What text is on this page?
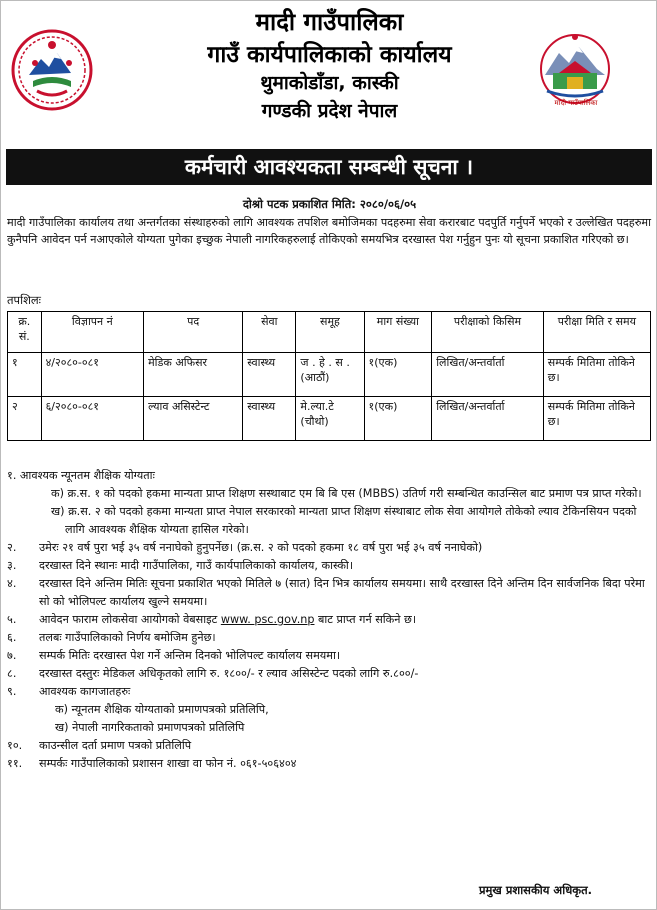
मादी गाउँपालिका
गाउँ कार्यपालिकाको कार्यालय
थुमाकोडाँडा, कास्की
गण्डकी प्रदेश नेपाल	मादी गाउँपालिका
कर्मचारी आवश्यकता सम्बन्धी सूचना ।
दोश्रो पटक प्रकाशित मिति: २०८०/०६/०५
मादी गाउँपालिका कार्यालय तथा अन्तर्गतका संस्थाहरुको लागि आवश्यक तपशिल बमोजिमका पदहरुमा सेवा करारबाट पदपुर्ति गर्नुपर्ने भएको र उल्लेखित पदहरुमा कुनैपनि आवेदन पर्न नआएकोले योग्यता पुगेका इच्छुक नेपाली नागरिकहरुलाई तोकिएको समयभित्र दरखास्त पेश गर्नुहुन पुनः यो सूचना प्रकाशित गरिएको छ।
तपशिलः
क्र. सं.	विज्ञापन नं	पद	सेवा	समूह	माग संख्या	परीक्षाको किसिम	परीक्षा मिति र समय
१	४/२०८०-०८१	मेडिक अफिसर	स्वास्थ्य	ज . हे . स . (आठौं)	१(एक)	लिखित/अन्तर्वार्ता	सम्पर्क मितिमा तोकिने छ।
२	६/२०८०-०८१	ल्याव असिस्टेन्ट	स्वास्थ्य	मे.ल्या.टे (चौथो)	१(एक)	लिखित/अन्तर्वार्ता	सम्पर्क मितिमा तोकिने छ।
१. आवश्यक न्यूनतम शैक्षिक योग्यताः
क) क्र.स. १ को पदको हकमा मान्यता प्राप्त शिक्षण सस्थाबाट एम बि बि एस (MBBS) उतिर्ण गरी सम्बन्धित काउन्सिल बाट प्रमाण पत्र प्राप्त गरेको।
ख) क्र.स. २ को पदको हकमा मान्यता प्राप्त नेपाल सरकारको मान्यता प्राप्त शिक्षण संस्थाबाट लोक सेवा आयोगले तोकेको ल्याव टेकिनसियन पदको लागि आवश्यक शैक्षिक योग्यता हासिल गरेको।
२. उमेरः २१ वर्ष पुरा भई ३५ वर्ष ननाघेको हुनुपर्नेछ। (क्र.स. २ को पदको हकमा १८ वर्ष पुरा भई ३५ वर्ष ननाघेको)
३. दरखास्त दिने स्थानः मादी गाउँपालिका, गाउँ कार्यपालिकाको कार्यालय, कास्की।
४. दरखास्त दिने अन्तिम मितिः सूचना प्रकाशित भएको मितिले ७ (सात) दिन भित्र कार्यालय समयमा। साथै दरखास्त दिने अन्तिम दिन सार्वजनिक बिदा परेमा सो को भोलिपल्ट कार्यालय खुल्ने समयमा।
५. आवेदन फाराम लोकसेवा आयोगको वेबसाइट www. psc.gov.np बाट प्राप्त गर्न सकिने छ।
६. तलबः गाउँपालिकाको निर्णय बमोजिम हुनेछ।
७. सम्पर्क मितिः दरखास्त पेश गर्ने अन्तिम दिनको भोलिपल्ट कार्यालय समयमा।
८. दरखास्त दस्तुरः मेडिकल अधिकृतको लागि रु. १८००/- र ल्याव असिस्टेन्ट पदको लागि रु.८००/-
९. आवश्यक कागजातहरुः
क) न्यूनतम शैक्षिक योग्यताको प्रमाणपत्रको प्रतिलिपि,
ख) नेपाली नागरिकताको प्रमाणपत्रको प्रतिलिपि
१०. काउन्सील दर्ता प्रमाण पत्रको प्रतिलिपि
११. सम्पर्कः गाउँपालिकाको प्रशासन शाखा वा फोन नं. ०६१-५०६४०४
प्रमुख प्रशासकीय अधिकृत.
